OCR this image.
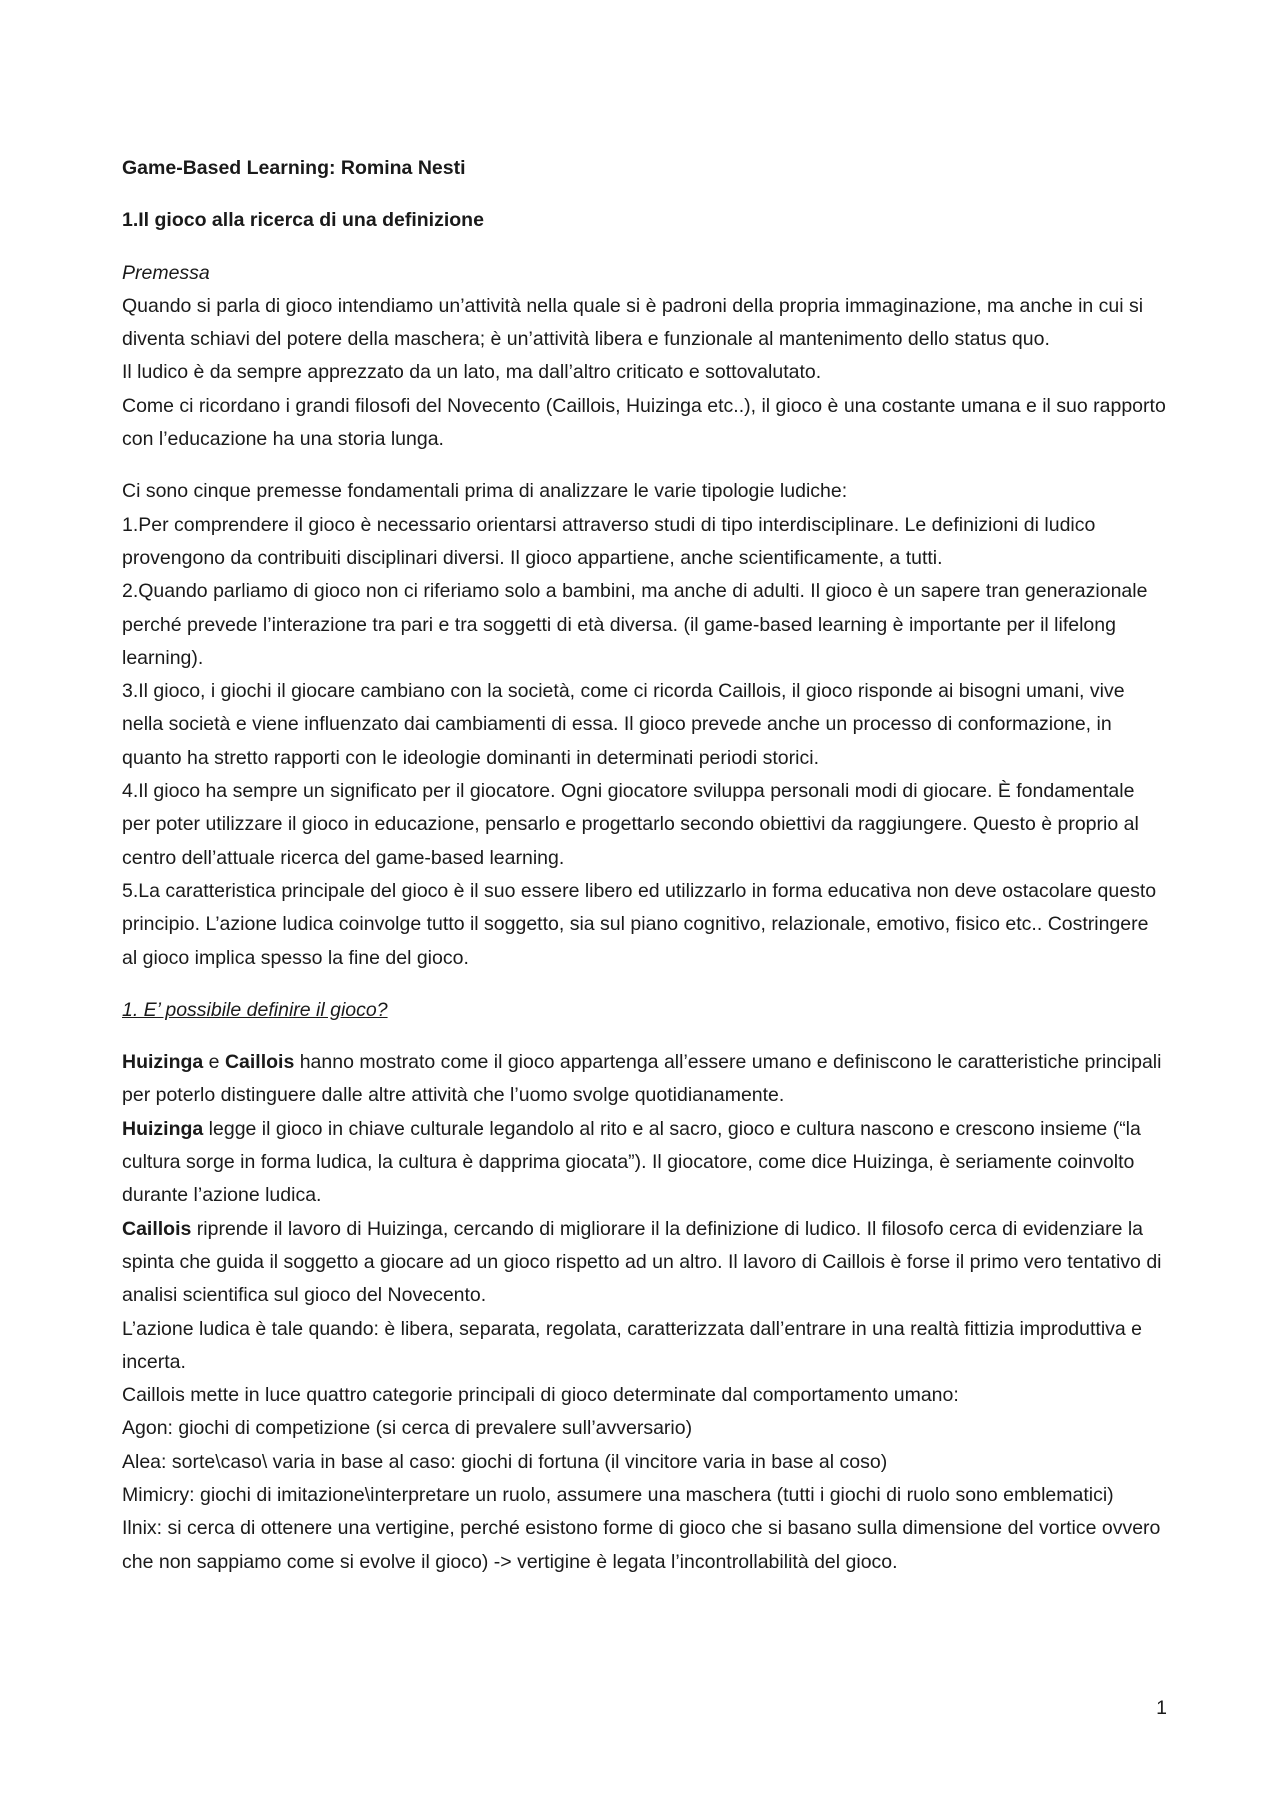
Game-Based Learning: Romina Nesti

1.Il gioco alla ricerca di una definizione

Premessa

Quando si parla di gioco intendiamo un’attività nella quale si è padroni della propria immaginazione, ma anche in cui si diventa schiavi del potere della maschera; è un’attività libera e funzionale al mantenimento dello status quo.

Il ludico è da sempre apprezzato da un lato, ma dall’altro criticato e sottovalutato.

Come ci ricordano i grandi filosofi del Novecento (Caillois, Huizinga etc..), il gioco è una costante umana e il suo rapporto con l’educazione ha una storia lunga.

Ci sono cinque premesse fondamentali prima di analizzare le varie tipologie ludiche:

1.Per comprendere il gioco è necessario orientarsi attraverso studi di tipo interdisciplinare. Le definizioni di ludico provengono da contribuiti disciplinari diversi. Il gioco appartiene, anche scientificamente, a tutti.

2.Quando parliamo di gioco non ci riferiamo solo a bambini, ma anche di adulti. Il gioco è un sapere tran generazionale perché prevede l’interazione tra pari e tra soggetti di età diversa. (il game-based learning è importante per il lifelong learning).

3.Il gioco, i giochi il giocare cambiano con la società, come ci ricorda Caillois, il gioco risponde ai bisogni umani, vive nella società e viene influenzato dai cambiamenti di essa. Il gioco prevede anche un processo di conformazione, in quanto ha stretto rapporti con le ideologie dominanti in determinati periodi storici.

4.Il gioco ha sempre un significato per il giocatore. Ogni giocatore sviluppa personali modi di giocare. È fondamentale per poter utilizzare il gioco in educazione, pensarlo e progettarlo secondo obiettivi da raggiungere. Questo è proprio al centro dell’attuale ricerca del game-based learning.

5.La caratteristica principale del gioco è il suo essere libero ed utilizzarlo in forma educativa non deve ostacolare questo principio. L’azione ludica coinvolge tutto il soggetto, sia sul piano cognitivo, relazionale, emotivo, fisico etc.. Costringere al gioco implica spesso la fine del gioco.

1. E’ possibile definire il gioco?

Huizinga e Caillois hanno mostrato come il gioco appartenga all’essere umano e definiscono le caratteristiche principali per poterlo distinguere dalle altre attività che l’uomo svolge quotidianamente.

Huizinga legge il gioco in chiave culturale legandolo al rito e al sacro, gioco e cultura nascono e crescono insieme (“la cultura sorge in forma ludica, la cultura è dapprima giocata”). Il giocatore, come dice Huizinga, è seriamente coinvolto durante l’azione ludica.

Caillois riprende il lavoro di Huizinga, cercando di migliorare il la definizione di ludico. Il filosofo cerca di evidenziare la spinta che guida il soggetto a giocare ad un gioco rispetto ad un altro. Il lavoro di Caillois è forse il primo vero tentativo di analisi scientifica sul gioco del Novecento.

L’azione ludica è tale quando: è libera, separata, regolata, caratterizzata dall’entrare in una realtà fittizia improduttiva e incerta.

Caillois mette in luce quattro categorie principali di gioco determinate dal comportamento umano:

Agon: giochi di competizione (si cerca di prevalere sull’avversario)

Alea: sorte\caso\ varia in base al caso: giochi di fortuna (il vincitore varia in base al coso)

Mimicry: giochi di imitazione\interpretare un ruolo, assumere una maschera (tutti i giochi di ruolo sono emblematici)

Ilnix: si cerca di ottenere una vertigine, perché esistono forme di gioco che si basano sulla dimensione del vortice ovvero che non sappiamo come si evolve il gioco) -> vertigine è legata l’incontrollabilità del gioco.

1
